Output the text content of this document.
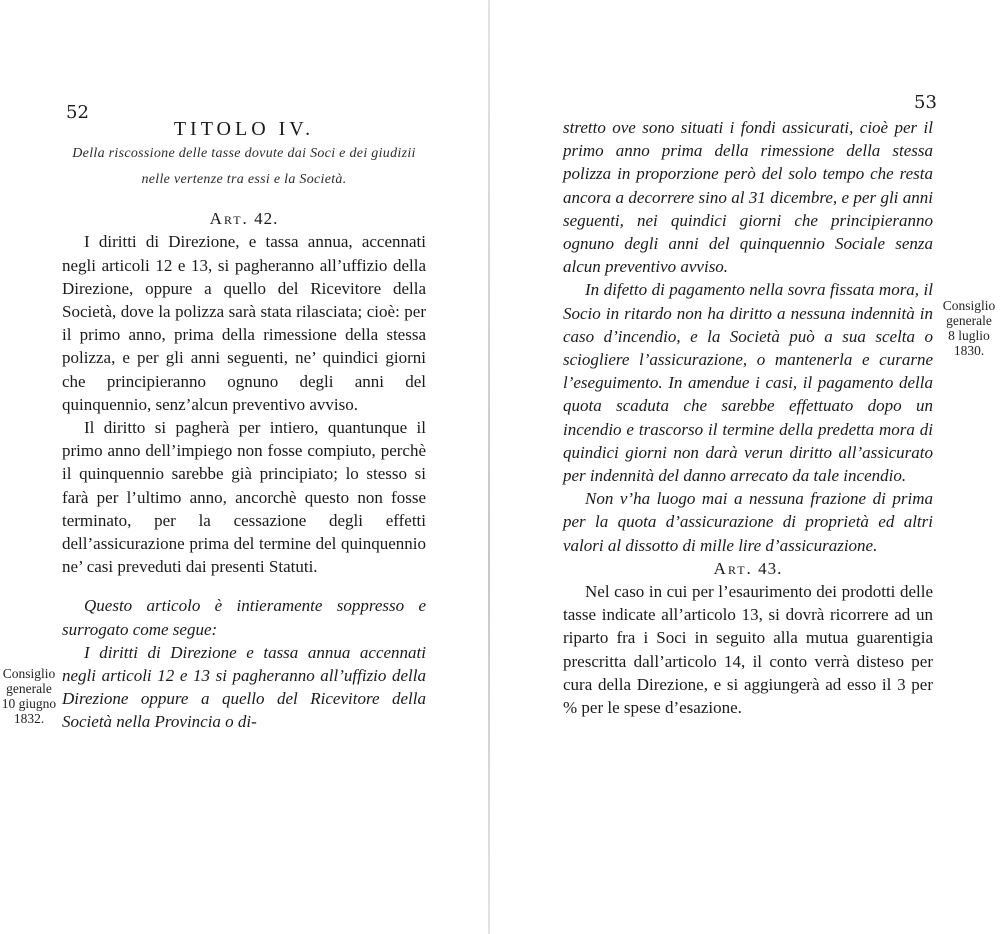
52

TITOLO IV.

Della riscossione delle tasse dovute dai Soci e dei giudizii
nelle vertenze tra essi e la Società.

Art. 42.

I diritti di Direzione, e tassa annua, accennati negli articoli 12 e 13, si pagheranno all’uffizio della Direzione, oppure a quello del Ricevitore della Società, dove la polizza sarà stata rilasciata; cioè: per il primo anno, prima della rimessione della stessa polizza, e per gli anni seguenti, ne’ quindici giorni che principieranno ognuno degli anni del quinquennio, senz’alcun preventivo avviso.

Il diritto si pagherà per intiero, quantunque il primo anno dell’impiego non fosse compiuto, perchè il quinquennio sarebbe già principiato; lo stesso si farà per l’ultimo anno, ancorchè questo non fosse terminato, per la cessazione degli effetti dell’assicurazione prima del termine del quinquennio ne’ casi preveduti dai presenti Statuti.

Questo articolo è intieramente soppresso e surrogato come segue:

I diritti di Direzione e tassa annua accennati negli articoli 12 e 13 si pagheranno all’uffizio della Direzione oppure a quello del Ricevitore della Società nella Provincia o di-

Consiglio
generale
10 giugno
1832.
53

stretto ove sono situati i fondi assicurati, cioè per il primo anno prima della rimessione della stessa polizza in proporzione però del solo tempo che resta ancora a decorrere sino al 31 dicembre, e per gli anni seguenti, nei quindici giorni che principieranno ognuno degli anni del quinquennio Sociale senza alcun preventivo avviso.

In difetto di pagamento nella sovra fissata mora, il Socio in ritardo non ha diritto a nessuna indennità in caso d’incendio, e la Società può a sua scelta o sciogliere l’assicurazione, o mantenerla e curarne l’eseguimento. In amendue i casi, il pagamento della quota scaduta che sarebbe effettuato dopo un incendio e trascorso il termine della predetta mora di quindici giorni non darà verun diritto all’assicurato per indennità del danno arrecato da tale incendio.

Non v’ha luogo mai a nessuna frazione di prima per la quota d’assicurazione di proprietà ed altri valori al dissotto di mille lire d’assicurazione.

Art. 43.

Nel caso in cui per l’esaurimento dei prodotti delle tasse indicate all’articolo 13, si dovrà ricorrere ad un riparto fra i Soci in seguito alla mutua guarentigia prescritta dall’articolo 14, il conto verrà disteso per cura della Direzione, e si aggiungerà ad esso il 3 per % per le spese d’esazione.

Consiglio
generale
8 luglio
1830.
